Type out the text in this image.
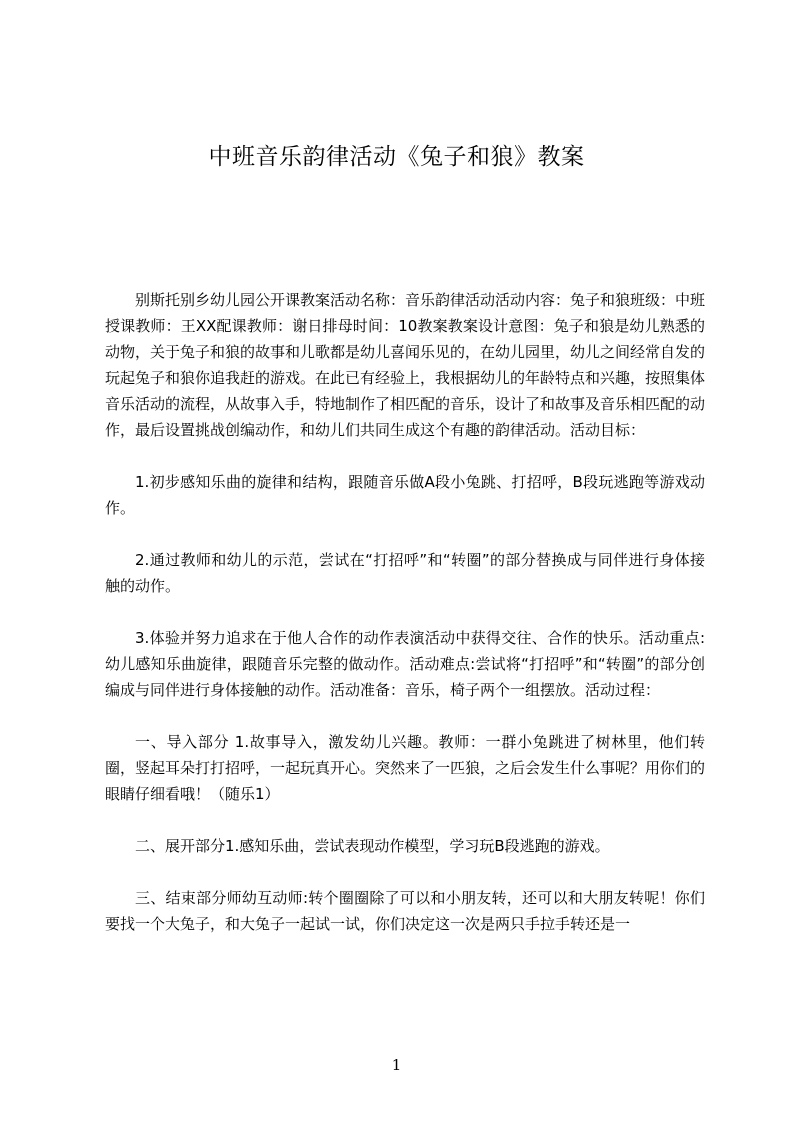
中班音乐韵律活动《兔子和狼》教案

别斯托别乡幼儿园公开课教案活动名称：音乐韵律活动活动内容：兔子和狼班级：中班授课教师：王XX配课教师：谢日排母时间：10教案教案设计意图：兔子和狼是幼儿熟悉的动物，关于兔子和狼的故事和儿歌都是幼儿喜闻乐见的，在幼儿园里，幼儿之间经常自发的玩起兔子和狼你追我赶的游戏。在此已有经验上，我根据幼儿的年龄特点和兴趣，按照集体音乐活动的流程，从故事入手，特地制作了相匹配的音乐，设计了和故事及音乐相匹配的动作，最后设置挑战创编动作，和幼儿们共同生成这个有趣的韵律活动。活动目标：

1.初步感知乐曲的旋律和结构，跟随音乐做A段小兔跳、打招呼，B段玩逃跑等游戏动作。

2.通过教师和幼儿的示范，尝试在“打招呼”和“转圈”的部分替换成与同伴进行身体接触的动作。

3.体验并努力追求在于他人合作的动作表演活动中获得交往、合作的快乐。活动重点:幼儿感知乐曲旋律，跟随音乐完整的做动作。活动难点:尝试将“打招呼”和“转圈”的部分创编成与同伴进行身体接触的动作。活动准备：音乐，椅子两个一组摆放。活动过程：

一、导入部分 1.故事导入，激发幼儿兴趣。教师：一群小兔跳进了树林里，他们转圈，竖起耳朵打打招呼，一起玩真开心。突然来了一匹狼，之后会发生什么事呢？用你们的眼睛仔细看哦！（随乐1）

二、展开部分1.感知乐曲，尝试表现动作模型，学习玩B段逃跑的游戏。

三、结束部分师幼互动师:转个圈圈除了可以和小朋友转，还可以和大朋友转呢！你们要找一个大兔子，和大兔子一起试一试，你们决定这一次是两只手拉手转还是一

1
